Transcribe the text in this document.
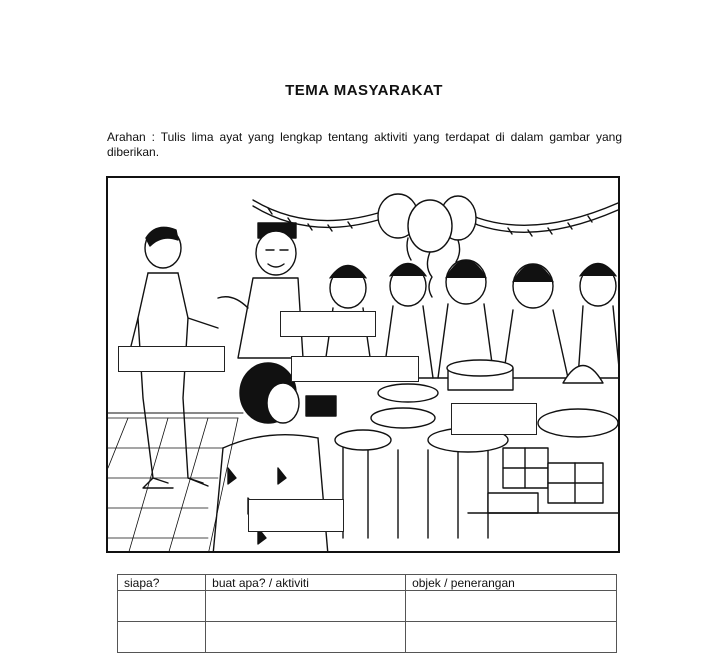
TEMA MASYARAKAT
Arahan : Tulis lima ayat yang lengkap tentang aktiviti yang terdapat di dalam gambar yang diberikan.
siapa?	buat apa? / aktiviti	objek / penerangan
